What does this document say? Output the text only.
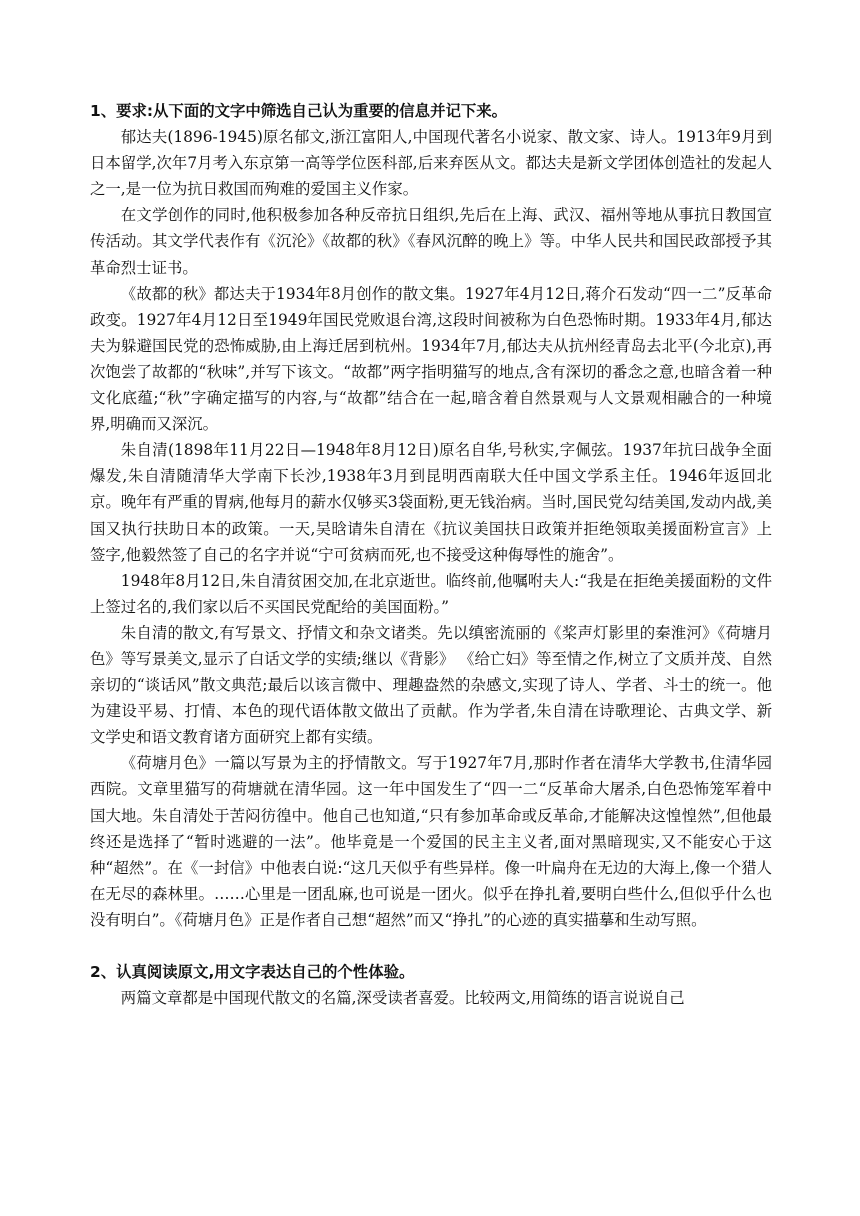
1、要求:从下面的文字中筛选自己认为重要的信息并记下来。

郁达夫(1896-1945)原名郁文,浙江富阳人,中国现代著名小说家、散文家、诗人。1913年9月到日本留学,次年7月考入东京第一高等学位医科部,后来弃医从文。都达夫是新文学团体创造社的发起人之一,是一位为抗日救国而殉难的爱国主义作家。

在文学创作的同时,他积极参加各种反帝抗日组织,先后在上海、武汉、福州等地从事抗日教国宣传活动。其文学代表作有《沉沦》《故都的秋》《春风沉醉的晚上》等。中华人民共和国民政部授予其革命烈士证书。

《故都的秋》都达夫于1934年8月创作的散文集。1927年4月12日,蒋介石发动“四一二”反革命政变。1927年4月12日至1949年国民党败退台湾,这段时间被称为白色恐怖时期。1933年4月,郁达夫为躲避国民党的恐怖威胁,由上海迁居到杭州。1934年7月,郁达夫从抗州经青岛去北平(今北京),再次饱尝了故都的“秋味”,并写下该文。“故都”两字指明猫写的地点,含有深切的番念之意,也暗含着一种文化底蕴;“秋”字确定描写的内容,与“故都”结合在一起,暗含着自然景观与人文景观相融合的一种境界,明确而又深沉。

朱自清(1898年11月22日—1948年8月12日)原名自华,号秋实,字佩弦。1937年抗曰战争全面爆发,朱自清随清华大学南下长沙,1938年3月到昆明西南联大任中国文学系主任。1946年返回北京。晚年有严重的胃病,他每月的薪水仅够买3袋面粉,更无钱治病。当时,国民党勾结美国,发动内战,美国又执行扶助日本的政策。一天,吴晗请朱自清在《抗议美国扶日政策并拒绝领取美援面粉宣言》上签字,他毅然签了自己的名字并说“宁可贫病而死,也不接受这种侮辱性的施舍”。

1948年8月12日,朱自清贫困交加,在北京逝世。临终前,他嘱咐夫人:“我是在拒绝美援面粉的文件上签过名的,我们家以后不买国民党配给的美国面粉。”

朱自清的散文,有写景文、抒情文和杂文诸类。先以缜密流丽的《桨声灯影里的秦淮河》《荷塘月色》等写景美文,显示了白话文学的实绩;继以《背影》 《给亡妇》等至情之作,树立了文质并茂、自然亲切的“谈话风”散文典范;最后以该言微中、理趣盎然的杂感文,实现了诗人、学者、斗士的统一。他为建设平易、打情、本色的现代语体散文做出了贡献。作为学者,朱自清在诗歌理论、古典文学、新文学史和语文教育诸方面研究上都有实绩。

《荷塘月色》一篇以写景为主的抒情散文。写于1927年7月,那时作者在清华大学教书,住清华园西院。文章里猫写的荷塘就在清华园。这一年中国发生了“四一二“反革命大屠杀,白色恐怖笼军着中国大地。朱自清处于苦闷彷徨中。他自己也知道,“只有参加革命或反革命,才能解决这惶惶然”,但他最终还是选择了“暂时逃避的一法”。他毕竟是一个爱国的民主主义者,面对黑暗现实,又不能安心于这种“超然”。在《一封信》中他表白说:“这几天似乎有些异样。像一叶扁舟在无边的大海上,像一个猎人在无尽的森林里。……心里是一团乱麻,也可说是一团火。似乎在挣扎着,要明白些什么,但似乎什么也没有明白”。《荷塘月色》正是作者自己想“超然”而又“挣扎”的心迹的真实描摹和生动写照。

2、认真阅读原文,用文字表达自己的个性体验。

两篇文章都是中国现代散文的名篇,深受读者喜爱。比较两文,用简练的语言说说自己
